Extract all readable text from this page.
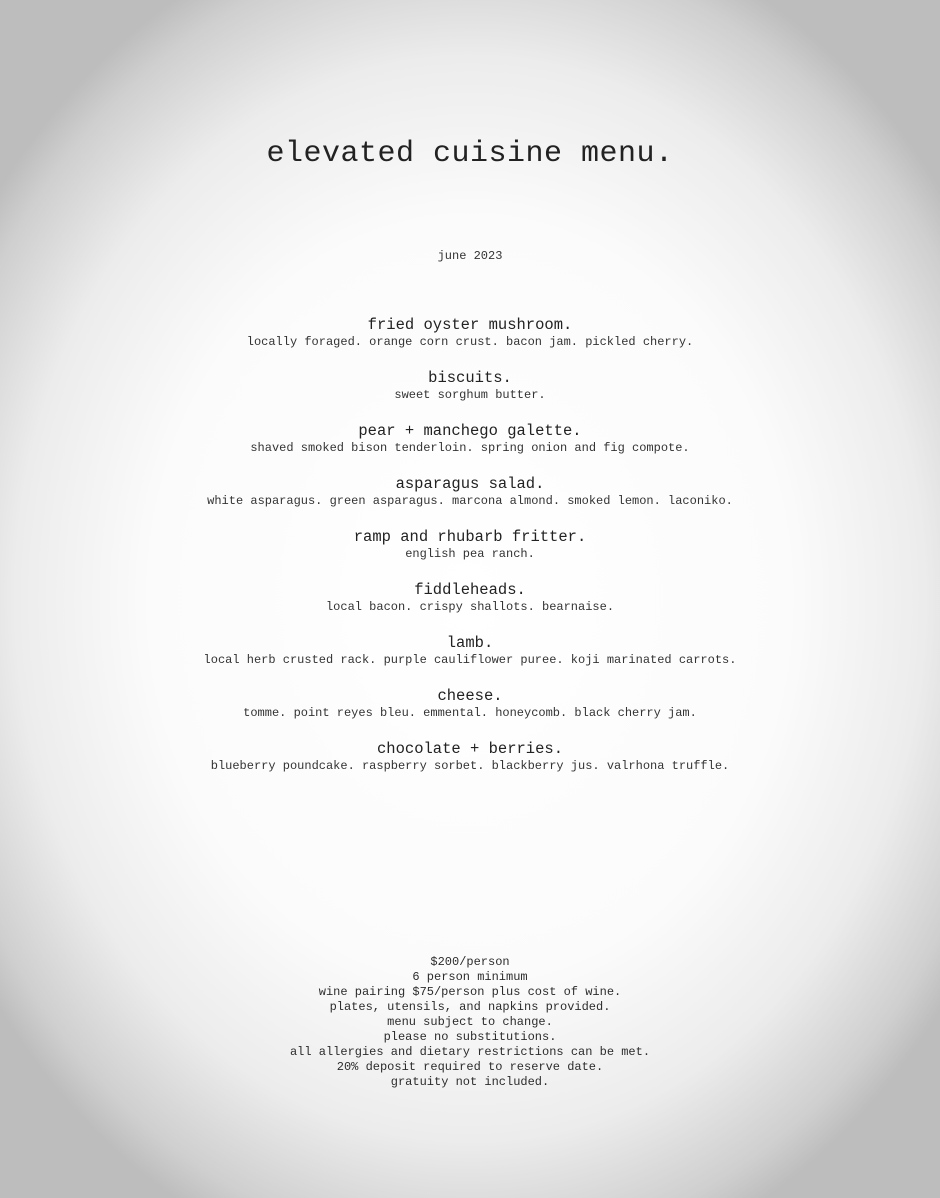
elevated cuisine menu.
june 2023
fried oyster mushroom.
locally foraged. orange corn crust. bacon jam. pickled cherry.
biscuits.
sweet sorghum butter.
pear + manchego galette.
shaved smoked bison tenderloin. spring onion and fig compote.
asparagus salad.
white asparagus. green asparagus. marcona almond. smoked lemon. laconiko.
ramp and rhubarb fritter.
english pea ranch.
fiddleheads.
local bacon. crispy shallots. bearnaise.
lamb.
local herb crusted rack. purple cauliflower puree. koji marinated carrots.
cheese.
tomme. point reyes bleu. emmental. honeycomb. black cherry jam.
chocolate + berries.
blueberry poundcake. raspberry sorbet. blackberry jus. valrhona truffle.
$200/person
6 person minimum
wine pairing $75/person plus cost of wine.
plates, utensils, and napkins provided.
menu subject to change.
please no substitutions.
all allergies and dietary restrictions can be met.
20% deposit required to reserve date.
gratuity not included.
